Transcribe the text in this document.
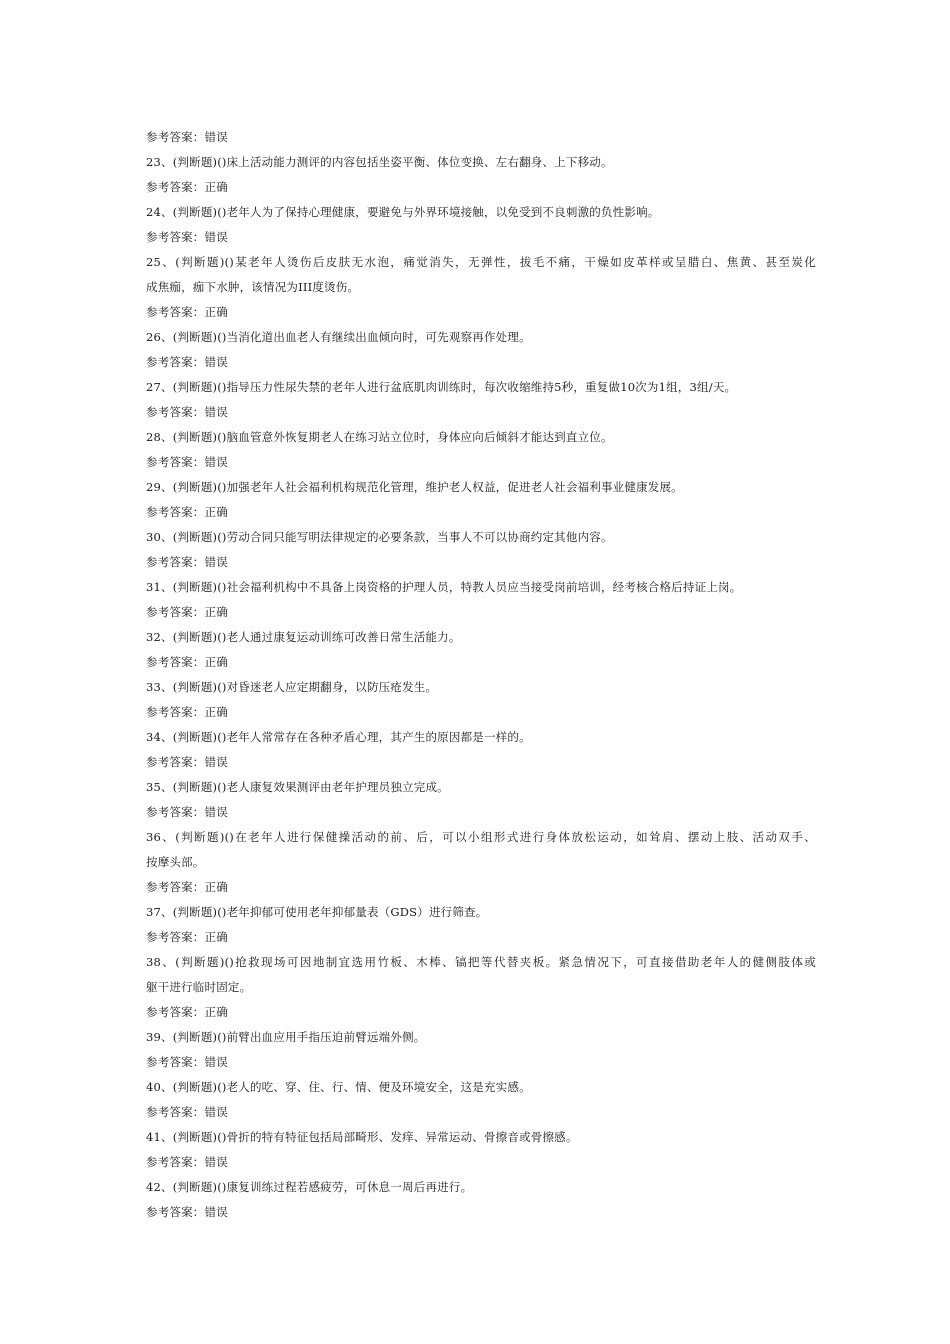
参考答案：错误
23、(判断题)()床上活动能力测评的内容包括坐姿平衡、体位变换、左右翻身、上下移动。
参考答案：正确
24、(判断题)()老年人为了保持心理健康，要避免与外界环境接触，以免受到不良刺激的负性影响。
参考答案：错误
25、(判断题)()某老年人烫伤后皮肤无水泡，痛觉消失，无弹性，拔毛不痛，干燥如皮革样或呈腊白、焦黄、甚至炭化
成焦痂，痂下水肿，该情况为III度烫伤。
参考答案：正确
26、(判断题)()当消化道出血老人有继续出血倾向时，可先观察再作处理。
参考答案：错误
27、(判断题)()指导压力性尿失禁的老年人进行盆底肌肉训练时，每次收缩维持5秒，重复做10次为1组，3组/天。
参考答案：错误
28、(判断题)()脑血管意外恢复期老人在练习站立位时，身体应向后倾斜才能达到直立位。
参考答案：错误
29、(判断题)()加强老年人社会福利机构规范化管理，维护老人权益，促进老人社会福利事业健康发展。
参考答案：正确
30、(判断题)()劳动合同只能写明法律规定的必要条款，当事人不可以协商约定其他内容。
参考答案：错误
31、(判断题)()社会福利机构中不具备上岗资格的护理人员，特教人员应当接受岗前培训，经考核合格后持证上岗。
参考答案：正确
32、(判断题)()老人通过康复运动训练可改善日常生活能力。
参考答案：正确
33、(判断题)()对昏迷老人应定期翻身，以防压疮发生。
参考答案：正确
34、(判断题)()老年人常常存在各种矛盾心理，其产生的原因都是一样的。
参考答案：错误
35、(判断题)()老人康复效果测评由老年护理员独立完成。
参考答案：错误
36、(判断题)()在老年人进行保健操活动的前、后，可以小组形式进行身体放松运动，如耸肩、摆动上肢、活动双手、
按摩头部。
参考答案：正确
37、(判断题)()老年抑郁可使用老年抑郁量表（GDS）进行筛查。
参考答案：正确
38、(判断题)()抢救现场可因地制宜选用竹板、木棒、镐把等代替夹板。紧急情况下，可直接借助老年人的健侧肢体或
躯干进行临时固定。
参考答案：正确
39、(判断题)()前臂出血应用手指压迫前臂远端外侧。
参考答案：错误
40、(判断题)()老人的吃、穿、住、行、情、便及环境安全，这是充实感。
参考答案：错误
41、(判断题)()骨折的特有特征包括局部畸形、发痒、异常运动、骨擦音或骨擦感。
参考答案：错误
42、(判断题)()康复训练过程若感疲劳，可休息一周后再进行。
参考答案：错误
